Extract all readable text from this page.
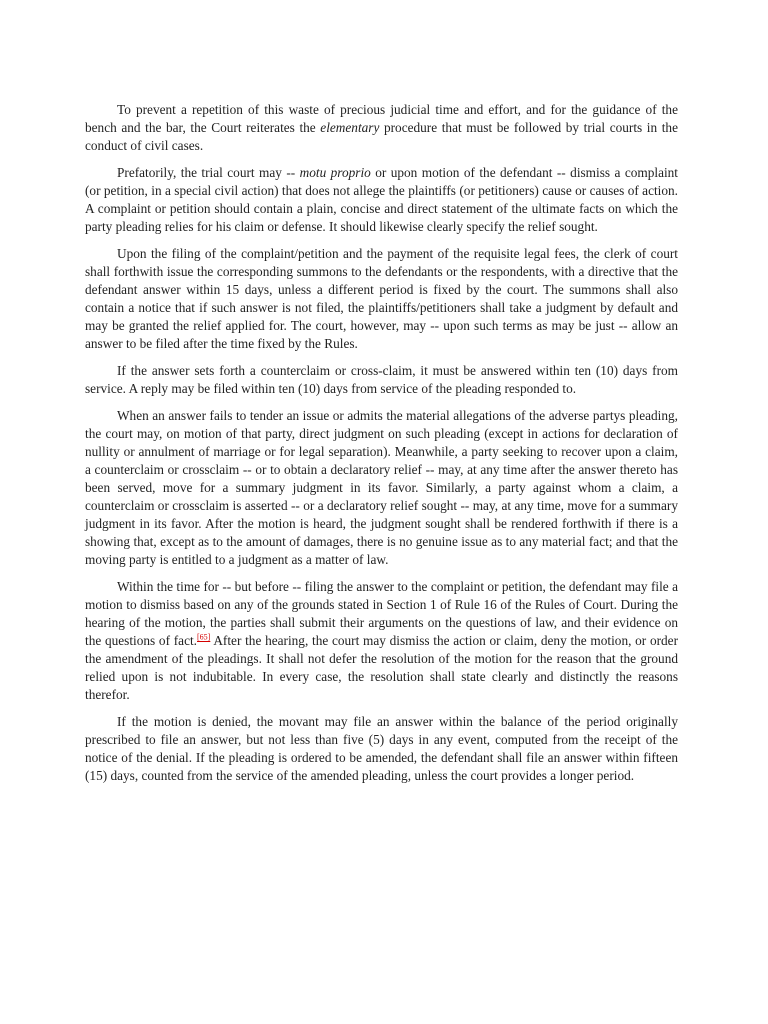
To prevent a repetition of this waste of precious judicial time and effort, and for the guidance of the bench and the bar, the Court reiterates the elementary procedure that must be followed by trial courts in the conduct of civil cases.

Prefatorily, the trial court may -- motu proprio or upon motion of the defendant -- dismiss a complaint (or petition, in a special civil action) that does not allege the plaintiffs (or petitioners) cause or causes of action. A complaint or petition should contain a plain, concise and direct statement of the ultimate facts on which the party pleading relies for his claim or defense. It should likewise clearly specify the relief sought.

Upon the filing of the complaint/petition and the payment of the requisite legal fees, the clerk of court shall forthwith issue the corresponding summons to the defendants or the respondents, with a directive that the defendant answer within 15 days, unless a different period is fixed by the court. The summons shall also contain a notice that if such answer is not filed, the plaintiffs/petitioners shall take a judgment by default and may be granted the relief applied for. The court, however, may -- upon such terms as may be just -- allow an answer to be filed after the time fixed by the Rules.

If the answer sets forth a counterclaim or cross-claim, it must be answered within ten (10) days from service. A reply may be filed within ten (10) days from service of the pleading responded to.

When an answer fails to tender an issue or admits the material allegations of the adverse partys pleading, the court may, on motion of that party, direct judgment on such pleading (except in actions for declaration of nullity or annulment of marriage or for legal separation). Meanwhile, a party seeking to recover upon a claim, a counterclaim or crossclaim -- or to obtain a declaratory relief -- may, at any time after the answer thereto has been served, move for a summary judgment in its favor. Similarly, a party against whom a claim, a counterclaim or crossclaim is asserted -- or a declaratory relief sought -- may, at any time, move for a summary judgment in its favor. After the motion is heard, the judgment sought shall be rendered forthwith if there is a showing that, except as to the amount of damages, there is no genuine issue as to any material fact; and that the moving party is entitled to a judgment as a matter of law.

Within the time for -- but before -- filing the answer to the complaint or petition, the defendant may file a motion to dismiss based on any of the grounds stated in Section 1 of Rule 16 of the Rules of Court. During the hearing of the motion, the parties shall submit their arguments on the questions of law, and their evidence on the questions of fact.[65] After the hearing, the court may dismiss the action or claim, deny the motion, or order the amendment of the pleadings. It shall not defer the resolution of the motion for the reason that the ground relied upon is not indubitable. In every case, the resolution shall state clearly and distinctly the reasons therefor.

If the motion is denied, the movant may file an answer within the balance of the period originally prescribed to file an answer, but not less than five (5) days in any event, computed from the receipt of the notice of the denial. If the pleading is ordered to be amended, the defendant shall file an answer within fifteen (15) days, counted from the service of the amended pleading, unless the court provides a longer period.
